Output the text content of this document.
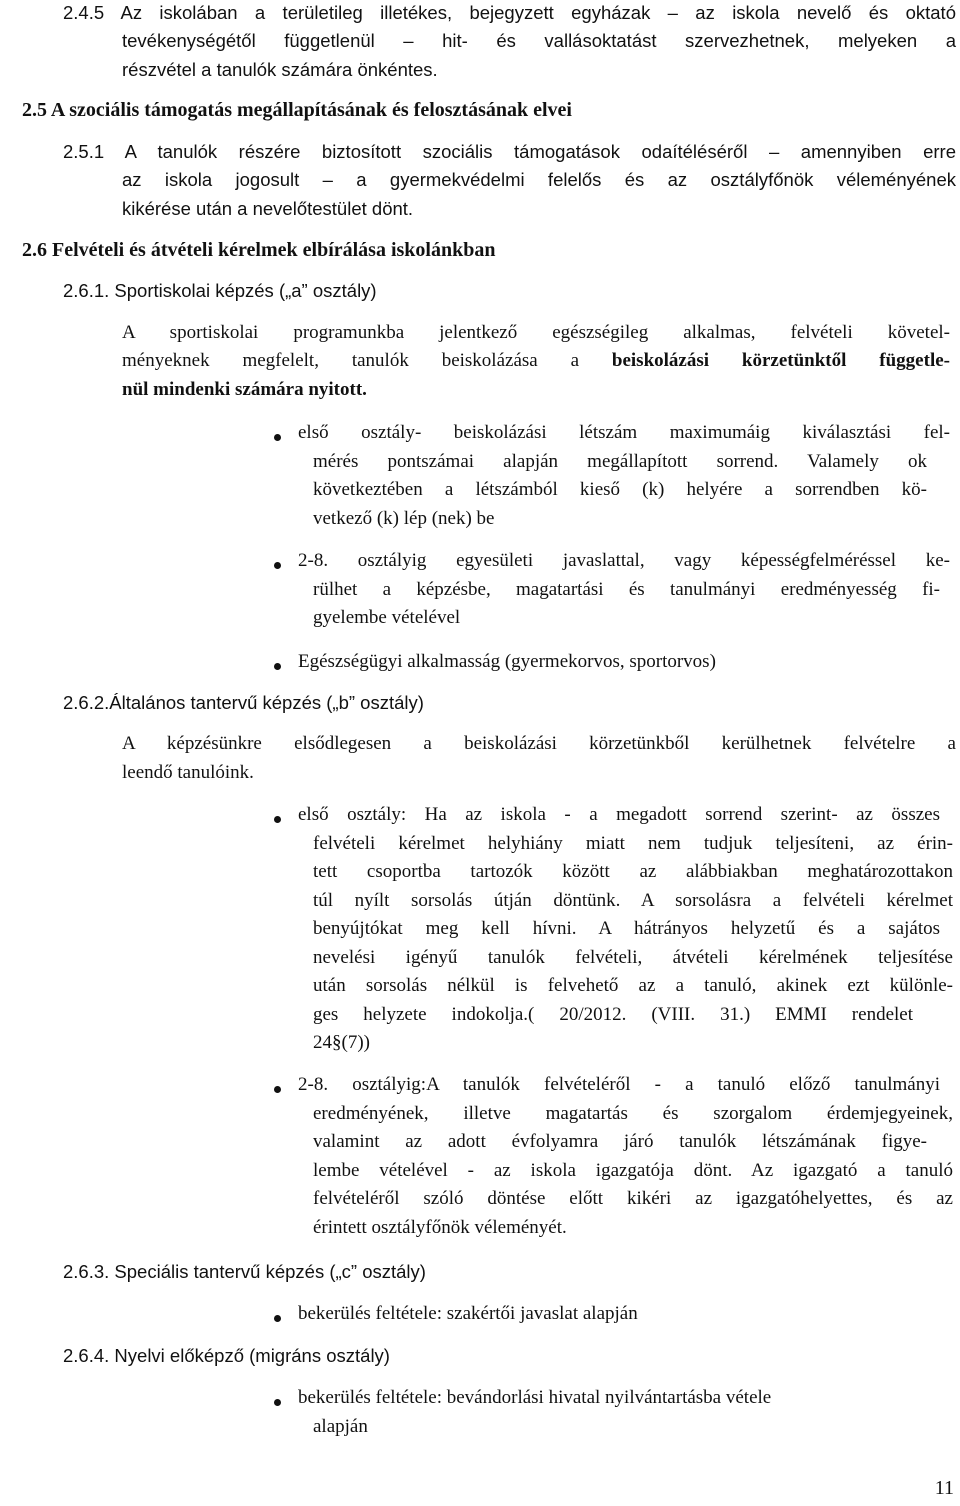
2.4.5 Az iskolában a területileg illetékes, bejegyzett egyházak – az iskola nevelő és oktató
tevékenységétől függetlenül – hit- és vallásoktatást szervezhetnek, melyeken a
részvétel a tanulók számára önkéntes.
2.5 A szociális támogatás megállapításának és felosztásának elvei
2.5.1 A tanulók részére biztosított szociális támogatások odaítéléséről – amennyiben erre
az iskola jogosult – a gyermekvédelmi felelős és az osztályfőnök véleményének
kikérése után a nevelőtestület dönt.
2.6 Felvételi és átvételi kérelmek elbírálása iskolánkban
2.6.1. Sportiskolai képzés („a” osztály)
A sportiskolai programunkba jelentkező egészségileg alkalmas, felvételi követel-
ményeknek megfelelt, tanulók beiskolázása a beiskolázási körzetünktől függetle-
nül mindenki számára nyitott.
első osztály- beiskolázási létszám maximumáig kiválasztási fel-
mérés pontszámai alapján megállapított sorrend. Valamely ok
következtében a létszámból kieső (k) helyére a sorrendben kö-
vetkező (k) lép (nek) be
2-8. osztályig egyesületi javaslattal, vagy képességfelméréssel ke-
rülhet a képzésbe, magatartási és tanulmányi eredményesség fi-
gyelembe vételével
Egészségügyi alkalmasság (gyermekorvos, sportorvos)
2.6.2.Általános tantervű képzés („b” osztály)
A képzésünkre elsődlegesen a beiskolázási körzetünkből kerülhetnek felvételre a
leendő tanulóink.
első osztály: Ha az iskola - a megadott sorrend szerint- az összes
felvételi kérelmet helyhiány miatt nem tudjuk teljesíteni, az érin-
tett csoportba tartozók között az alábbiakban meghatározottakon
túl nyílt sorsolás útján döntünk. A sorsolásra a felvételi kérelmet
benyújtókat meg kell hívni. A hátrányos helyzetű és a sajátos
nevelési igényű tanulók felvételi, átvételi kérelmének teljesítése
után sorsolás nélkül is felvehető az a tanuló, akinek ezt különle-
ges helyzete indokolja.( 20/2012. (VIII. 31.) EMMI rendelet
24§(7))
2-8. osztályig:A tanulók felvételéről - a tanuló előző tanulmányi
eredményének, illetve magatartás és szorgalom érdemjegyeinek,
valamint az adott évfolyamra járó tanulók létszámának figye-
lembe vételével - az iskola igazgatója dönt. Az igazgató a tanuló
felvételéről szóló döntése előtt kikéri az igazgatóhelyettes, és az
érintett osztályfőnök véleményét.
2.6.3. Speciális tantervű képzés („c” osztály)
bekerülés feltétele: szakértői javaslat alapján
2.6.4. Nyelvi előképző (migráns osztály)
bekerülés feltétele: bevándorlási hivatal nyilvántartásba vétele
alapján
11
